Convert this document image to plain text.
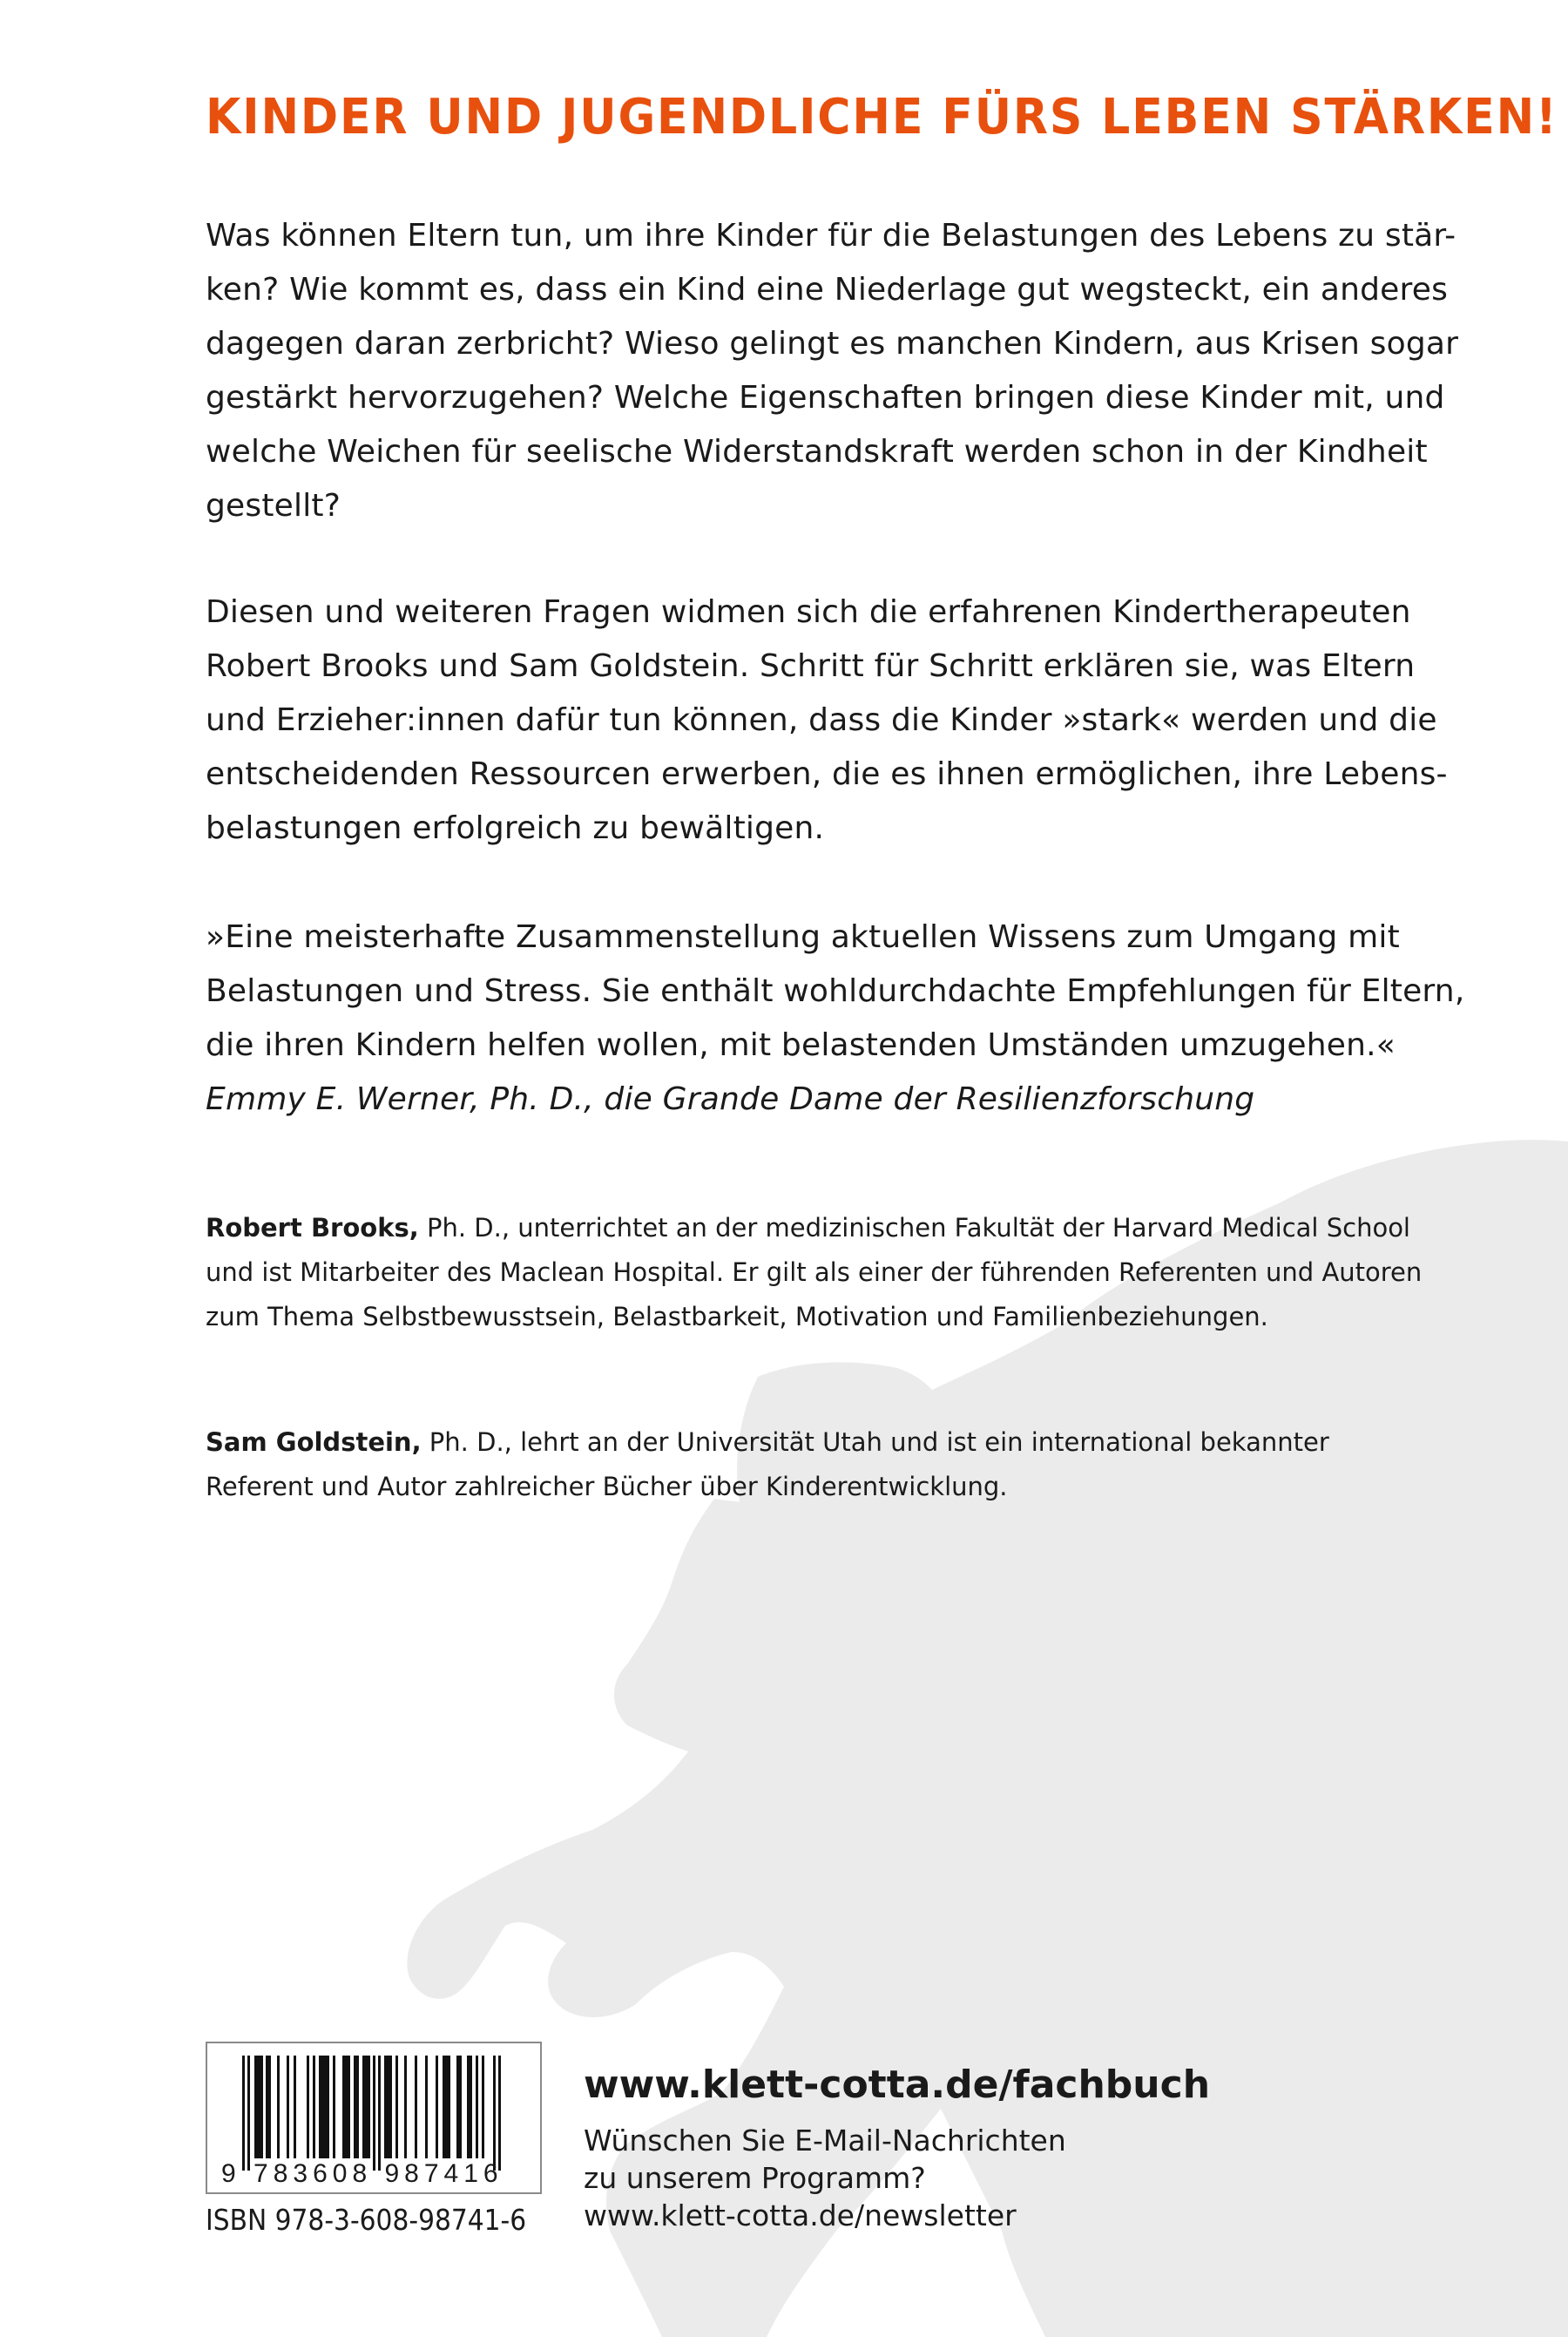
KINDER UND JUGENDLICHE FÜRS LEBEN STÄRKEN!

Was können Eltern tun, um ihre Kinder für die Belastungen des Lebens zu stär-
ken? Wie kommt es, dass ein Kind eine Niederlage gut wegsteckt, ein anderes
dagegen daran zerbricht? Wieso gelingt es manchen Kindern, aus Krisen sogar
gestärkt hervorzugehen? Welche Eigenschaften bringen diese Kinder mit, und
welche Weichen für seelische Widerstandskraft werden schon in der Kindheit
gestellt?

Diesen und weiteren Fragen widmen sich die erfahrenen Kindertherapeuten
Robert Brooks und Sam Goldstein. Schritt für Schritt erklären sie, was Eltern
und Erzieher:innen dafür tun können, dass die Kinder »stark« werden und die
entscheidenden Ressourcen erwerben, die es ihnen ermöglichen, ihre Lebens-
belastungen erfolgreich zu bewältigen.

»Eine meisterhafte Zusammenstellung aktuellen Wissens zum Umgang mit
Belastungen und Stress. Sie enthält wohldurchdachte Empfehlungen für Eltern,
die ihren Kindern helfen wollen, mit belastenden Umständen umzugehen.«
Emmy E. Werner, Ph. D., die Grande Dame der Resilienzforschung

Robert Brooks, Ph. D., unterrichtet an der medizinischen Fakultät der Harvard Medical School
und ist Mitarbeiter des Maclean Hospital. Er gilt als einer der führenden Referenten und Autoren
zum Thema Selbstbewusstsein, Belastbarkeit, Motivation und Familienbeziehungen.

Sam Goldstein, Ph. D., lehrt an der Universität Utah und ist ein international bekannter
Referent und Autor zahlreicher Bücher über Kinderentwicklung.

9 783608 987416
ISBN 978-3-608-98741-6
www.klett-cotta.de/fachbuch
Wünschen Sie E-Mail-Nachrichten
zu unserem Programm?
www.klett-cotta.de/newsletter
